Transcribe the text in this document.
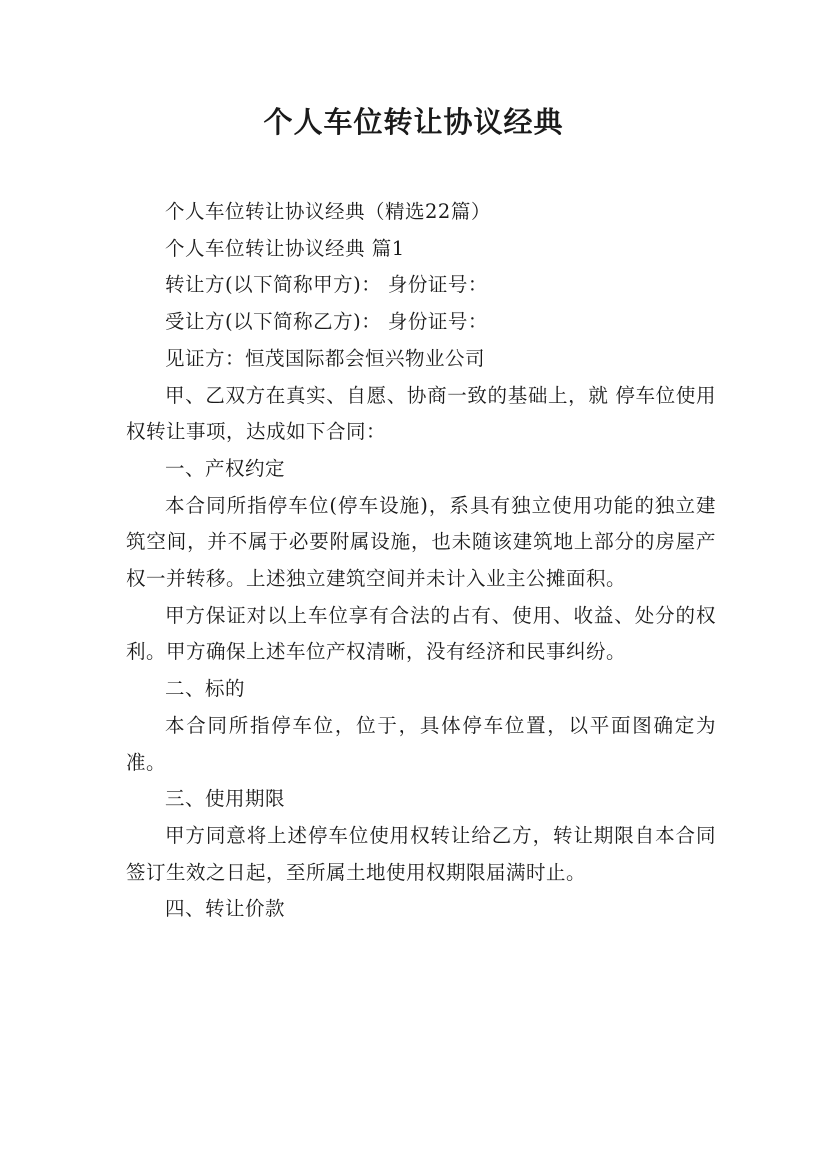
个人车位转让协议经典

个人车位转让协议经典（精选22篇）

个人车位转让协议经典 篇1

转让方(以下简称甲方)： 身份证号：

受让方(以下简称乙方)： 身份证号：

见证方：恒茂国际都会恒兴物业公司

甲、乙双方在真实、自愿、协商一致的基础上，就 停车位使用权转让事项，达成如下合同：

一、产权约定

本合同所指停车位(停车设施)，系具有独立使用功能的独立建筑空间，并不属于必要附属设施，也未随该建筑地上部分的房屋产权一并转移。上述独立建筑空间并未计入业主公摊面积。

甲方保证对以上车位享有合法的占有、使用、收益、处分的权利。甲方确保上述车位产权清晰，没有经济和民事纠纷。

二、标的

本合同所指停车位，位于，具体停车位置，以平面图确定为准。

三、使用期限

甲方同意将上述停车位使用权转让给乙方，转让期限自本合同签订生效之日起，至所属土地使用权期限届满时止。

四、转让价款
